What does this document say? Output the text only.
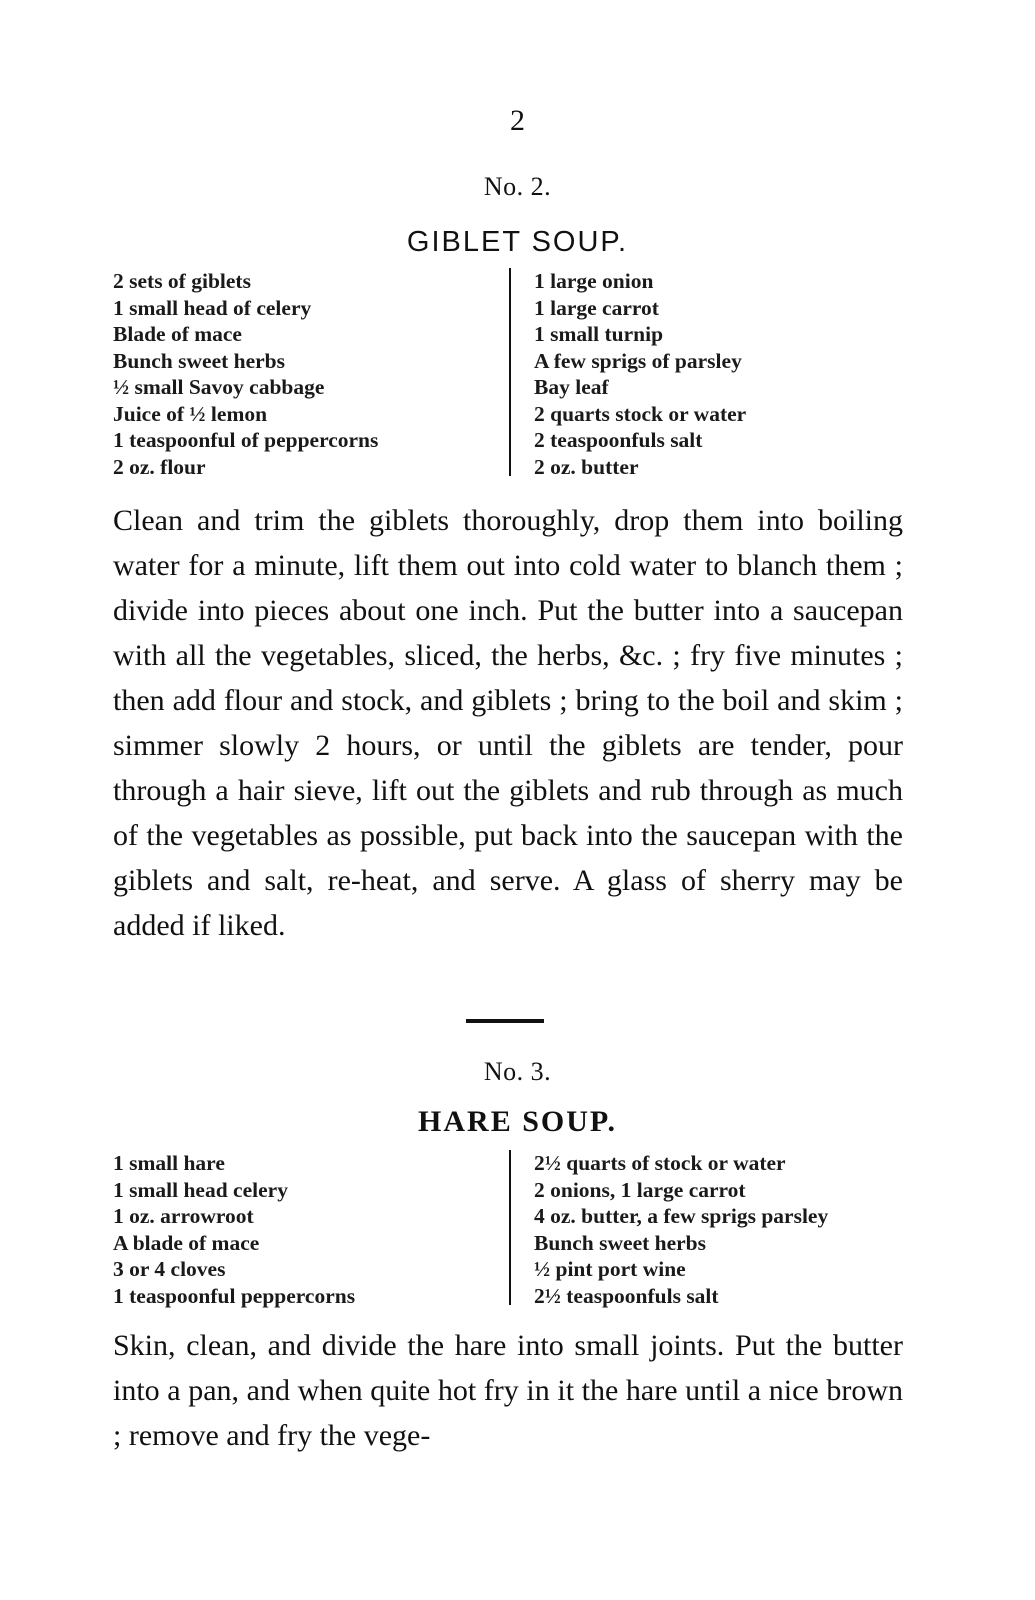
2
No. 2.
GIBLET SOUP.
2 sets of giblets
1 small head of celery
Blade of mace
Bunch sweet herbs
½ small Savoy cabbage
Juice of ½ lemon
1 teaspoonful of peppercorns
2 oz. flour
1 large onion
1 large carrot
1 small turnip
A few sprigs of parsley
Bay leaf
2 quarts stock or water
2 teaspoonfuls salt
2 oz. butter
Clean and trim the giblets thoroughly, drop them into boiling water for a minute, lift them out into cold water to blanch them ; divide into pieces about one inch. Put the butter into a saucepan with all the vegetables, sliced, the herbs, &c. ; fry five minutes ; then add flour and stock, and giblets ; bring to the boil and skim ; simmer slowly 2 hours, or until the giblets are tender, pour through a hair sieve, lift out the giblets and rub through as much of the vegetables as possible, put back into the saucepan with the giblets and salt, re-heat, and serve. A glass of sherry may be added if liked.
No. 3.
HARE SOUP.
1 small hare
1 small head celery
1 oz. arrowroot
A blade of mace
3 or 4 cloves
1 teaspoonful peppercorns
2½ quarts of stock or water
2 onions, 1 large carrot
4 oz. butter, a few sprigs parsley
Bunch sweet herbs
½ pint port wine
2½ teaspoonfuls salt
Skin, clean, and divide the hare into small joints. Put the butter into a pan, and when quite hot fry in it the hare until a nice brown ; remove and fry the vege-
